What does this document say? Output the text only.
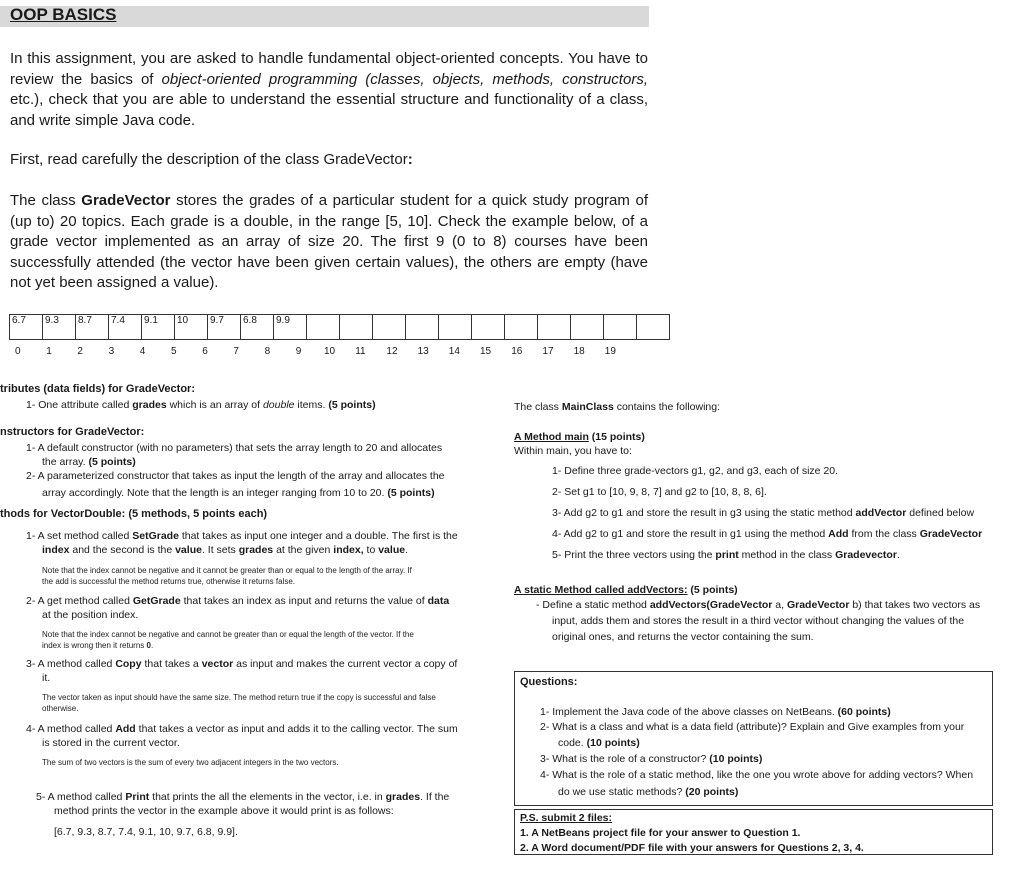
OOP BASICS
In this assignment, you are asked to handle fundamental object-oriented concepts. You have to review the basics of object-oriented programming (classes, objects, methods, constructors, etc.), check that you are able to understand the essential structure and functionality of a class, and write simple Java code.
First, read carefully the description of the class GradeVector:
The class GradeVector stores the grades of a particular student for a quick study program of (up to) 20 topics. Each grade is a double, in the range [5, 10]. Check the example below, of a grade vector implemented as an array of size 20. The first 9 (0 to 8) courses have been successfully attended (the vector have been given certain values), the others are empty (have not yet been assigned a value).
6.7	9.3	8.7	7.4	9.1	10	9.7	6.8	9.9											
0	1	2	3	4	5	6	7	8	9 10 11 12 13 14 15 16 17 18 19
tributes (data fields) for GradeVector:
1- One attribute called grades which is an array of double items. (5 points)
nstructors for GradeVector:
1- A default constructor (with no parameters) that sets the array length to 20 and allocates
the array. (5 points)
2- A parameterized constructor that takes as input the length of the array and allocates the
array accordingly. Note that the length is an integer ranging from 10 to 20. (5 points)
thods for VectorDouble: (5 methods, 5 points each)
1- A set method called SetGrade that takes as input one integer and a double. The first is the
index and the second is the value. It sets grades at the given index, to value.
Note that the index cannot be negative and it cannot be greater than or equal to the length of the array. If
the add is successful the method returns true, otherwise it returns false.
2- A get method called GetGrade that takes an index as input and returns the value of data
at the position index.
Note that the index cannot be negative and cannot be greater than or equal the length of the vector. If the
index is wrong then it returns 0.
3- A method called Copy that takes a vector as input and makes the current vector a copy of
it.
The vector taken as input should have the same size. The method return true if the copy is successful and false
otherwise.
4- A method called Add that takes a vector as input and adds it to the calling vector. The sum
is stored in the current vector.
The sum of two vectors is the sum of every two adjacent integers in the two vectors.
5- A method called Print that prints the all the elements in the vector, i.e. in grades. If the
method prints the vector in the example above it would print is as follows:
[6.7, 9.3, 8.7, 7.4, 9.1, 10, 9.7, 6.8, 9.9].
The class MainClass contains the following:
A Method main (15 points)
Within main, you have to:
1- Define three grade-vectors g1, g2, and g3, each of size 20.
2- Set g1 to [10, 9, 8, 7] and g2 to [10, 8, 8, 6].
3- Add g2 to g1 and store the result in g3 using the static method addVector defined below
4- Add g2 to g1 and store the result in g1 using the method Add from the class GradeVector
5- Print the three vectors using the print method in the class Gradevector.
A static Method called addVectors: (5 points)
- Define a static method addVectors(GradeVector a, GradeVector b) that takes two vectors as
input, adds them and stores the result in a third vector without changing the values of the
original ones, and returns the vector containing the sum.
Questions:
1- Implement the Java code of the above classes on NetBeans. (60 points)
2- What is a class and what is a data field (attribute)? Explain and Give examples from your
code. (10 points)
3- What is the role of a constructor? (10 points)
4- What is the role of a static method, like the one you wrote above for adding vectors? When
do we use static methods? (20 points)
P.S. submit 2 files:
1. A NetBeans project file for your answer to Question 1.
2. A Word document/PDF file with your answers for Questions 2, 3, 4.
